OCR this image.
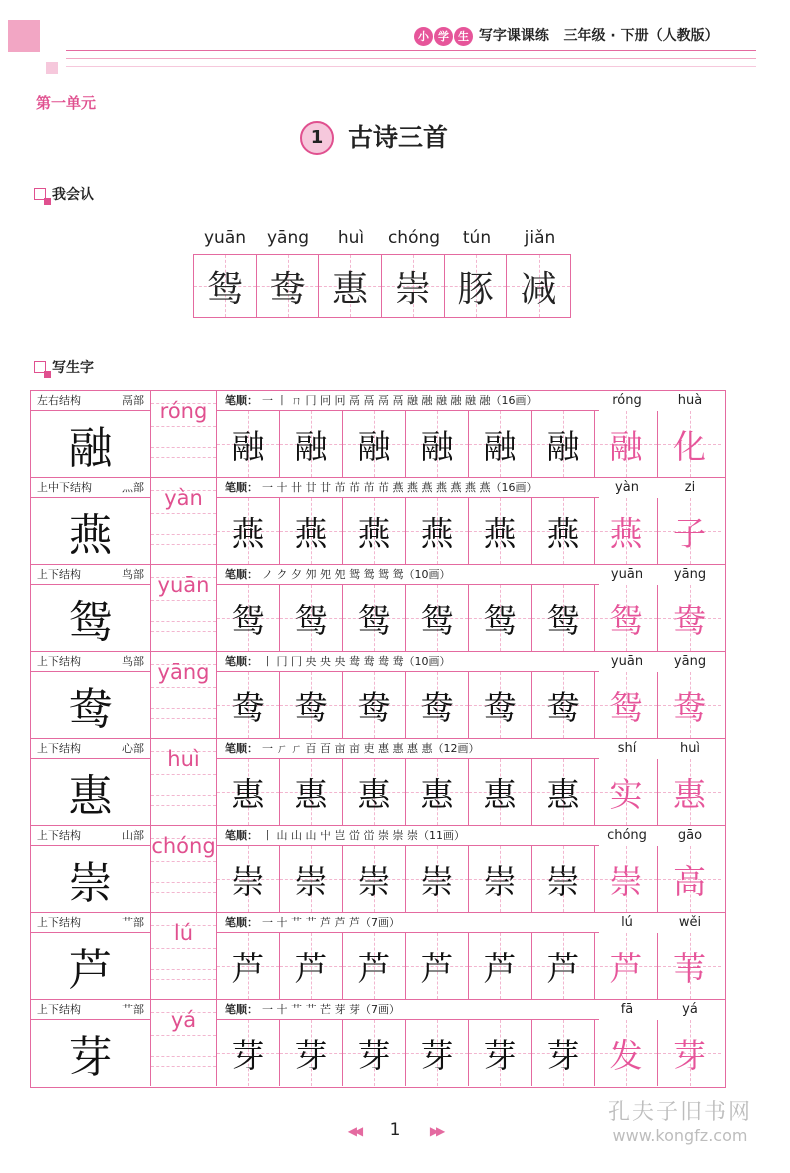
小 学 生 写字课课练 三年级 · 下册（人教版）
第一单元
1 古诗三首
我会认
yuān	yāng	huì	chóng	tún	jiǎn
鸳 鸯 惠 崇 豚 减
写生字
左右结构	鬲部
融
róng	笔顺： 一 丨 ㄇ 冂 冋 冋 鬲 鬲 鬲 鬲 融 融 融 融 融 融（16画）	róng	huà
融 融 融 融 融 融 融 化
上中下结构	灬部
燕
yàn	笔顺： 一 十 卄 廿 廿 芇 芇 芇 芇 燕 燕 燕 燕 燕 燕 燕（16画）	yàn	zi
燕 燕 燕 燕 燕 燕 燕 子
上下结构	鸟部
鸳
yuān	笔顺： ノ ク 夕 夘 夗 夗 鸳 鸳 鸳 鸳（10画）	yuān	yāng
鸳 鸳 鸳 鸳 鸳 鸳 鸳 鸯
上下结构	鸟部
鸯
yāng	笔顺： 丨 冂 冂 央 央 央 鸯 鸯 鸯 鸯（10画）	yuān	yāng
鸯 鸯 鸯 鸯 鸯 鸯 鸳 鸯
上下结构	心部
惠
huì	笔顺： 一 ㄏ ㄏ 百 百 亩 亩 吏 惠 惠 惠 惠（12画）	shí	huì
惠 惠 惠 惠 惠 惠 实 惠
上下结构	山部
崇
chóng 笔顺： 丨 山 山 山 屮 岂 峃 峃 崇 崇 崇（11画）	chóng	gāo
崇 崇 崇 崇 崇 崇 崇 高
上下结构	艹部
芦
lú	笔顺： 一 十 艹 艹 芦 芦 芦（7画）	lú	wěi
芦 芦 芦 芦 芦 芦 芦 苇
上下结构	艹部
芽
yá	笔顺： 一 十 艹 艹 芒 芽 芽（7画）	fā	yá
芽 芽 芽 芽 芽 芽 发 芽
◀◀ 1 ▶▶
孔夫子旧书网
www.kongfz.com
